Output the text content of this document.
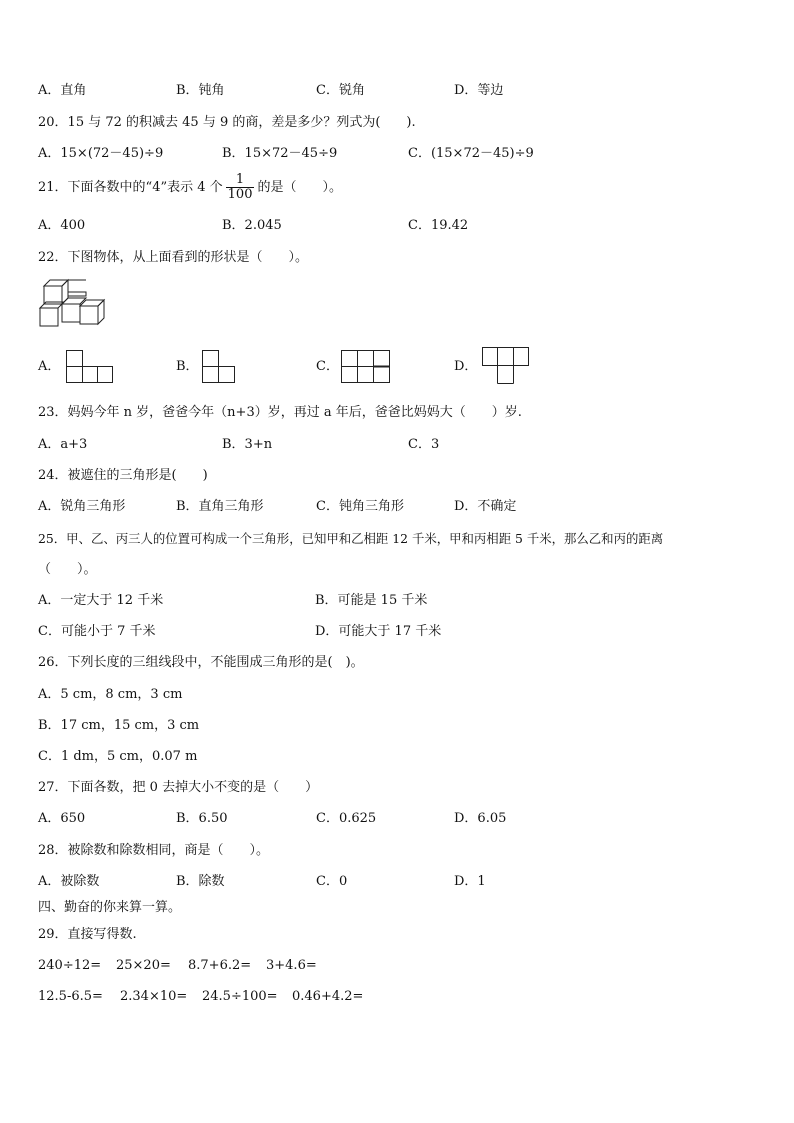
A．直角	B．钝角	C．锐角	D．等边
20．15 与 72 的积减去 45 与 9 的商，差是多少？列式为(　　).
A．15×(72－45)÷9	B．15×72－45÷9	C．(15×72－45)÷9
21．下面各数中的“4”表示 4 个 $\frac{1}{100}$ 的是（　　）。
A．400	B．2.045	C．19.42
22．下图物体，从上面看到的形状是（　　）。
A．	B．	C．	D．
23．妈妈今年 n 岁，爸爸今年（n+3）岁，再过 a 年后，爸爸比妈妈大（　　）岁.
A．a+3	B．3+n	C．3
24．被遮住的三角形是(　　)
A．锐角三角形	B．直角三角形	C．钝角三角形	D．不确定
25．甲、乙、丙三人的位置可构成一个三角形，已知甲和乙相距 12 千米，甲和丙相距 5 千米，那么乙和丙的距离
（　　）。
A．一定大于 12 千米	B．可能是 15 千米
C．可能小于 7 千米	D．可能大于 17 千米
26．下列长度的三组线段中，不能围成三角形的是(　)。
A．5 cm，8 cm，3 cm
B．17 cm，15 cm，3 cm
C．1 dm，5 cm，0.07 m
27．下面各数，把 0 去掉大小不变的是（　　）
A．650	B．6.50	C．0.625	D．6.05
28．被除数和除数相同，商是（　　）。
A．被除数	B．除数	C．0	D．1
四、勤奋的你来算一算。
29．直接写得数.
240÷12= 25×20= 8.7+6.2= 3+4.6=
12.5-6.5= 2.34×10= 24.5÷100= 0.46+4.2=
